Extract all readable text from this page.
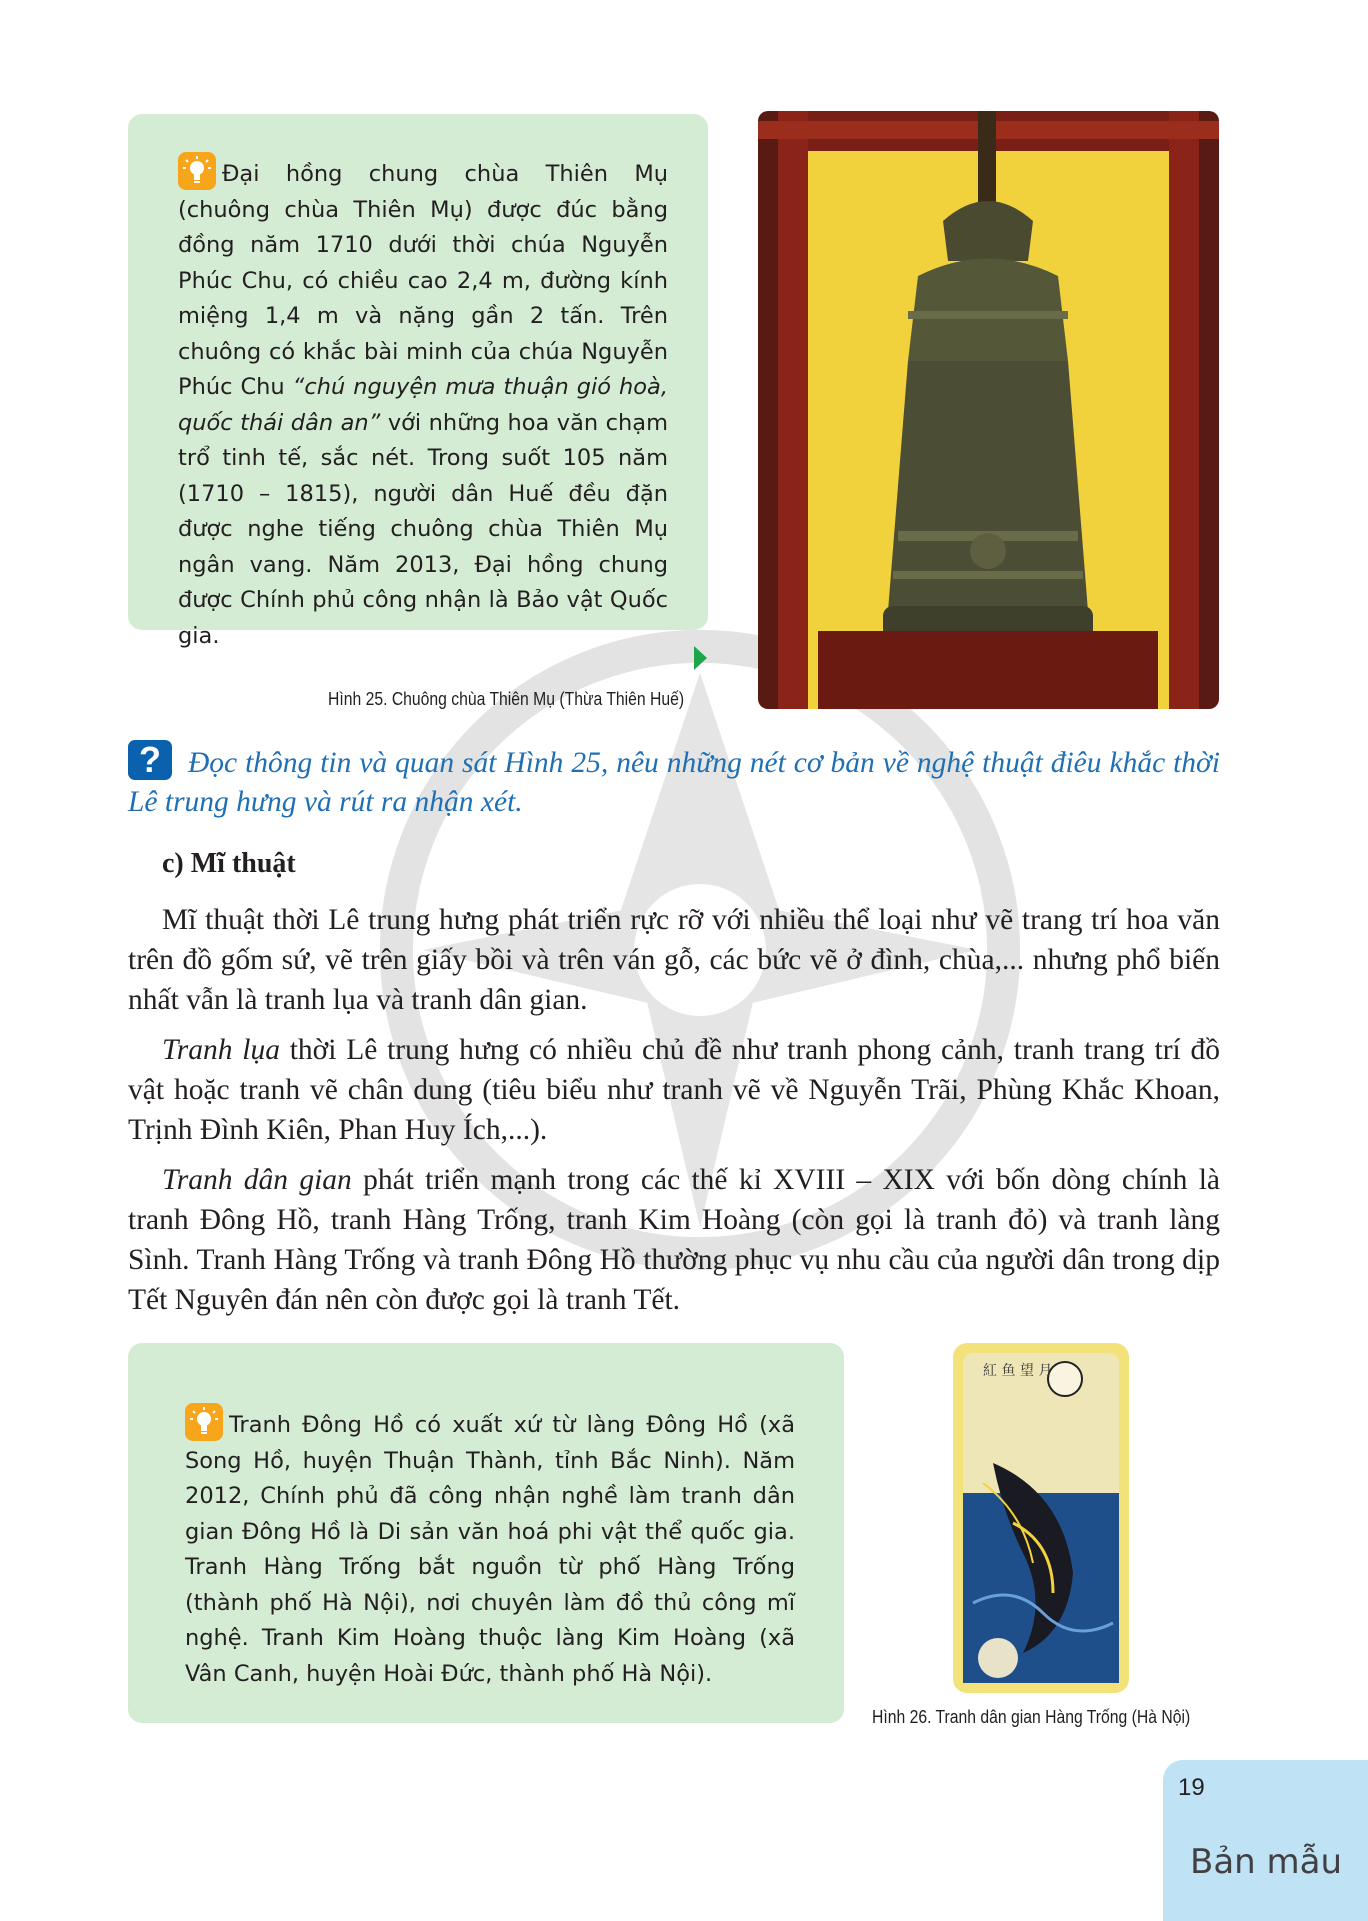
Đại hồng chung chùa Thiên Mụ (chuông chùa Thiên Mụ) được đúc bằng đồng năm 1710 dưới thời chúa Nguyễn Phúc Chu, có chiều cao 2,4 m, đường kính miệng 1,4 m và nặng gần 2 tấn. Trên chuông có khắc bài minh của chúa Nguyễn Phúc Chu “chú nguyện mưa thuận gió hoà, quốc thái dân an” với những hoa văn chạm trổ tinh tế, sắc nét. Trong suốt 105 năm (1710 – 1815), người dân Huế đều đặn được nghe tiếng chuông chùa Thiên Mụ ngân vang. Năm 2013, Đại hồng chung được Chính phủ công nhận là Bảo vật Quốc gia.
Hình 25. Chuông chùa Thiên Mụ (Thừa Thiên Huế)
? Đọc thông tin và quan sát Hình 25, nêu những nét cơ bản về nghệ thuật điêu khắc thời Lê trung hưng và rút ra nhận xét.
c) Mĩ thuật
Mĩ thuật thời Lê trung hưng phát triển rực rỡ với nhiều thể loại như vẽ trang trí hoa văn trên đồ gốm sứ, vẽ trên giấy bồi và trên ván gỗ, các bức vẽ ở đình, chùa,... nhưng phổ biến nhất vẫn là tranh lụa và tranh dân gian.
Tranh lụa thời Lê trung hưng có nhiều chủ đề như tranh phong cảnh, tranh trang trí đồ vật hoặc tranh vẽ chân dung (tiêu biểu như tranh vẽ về Nguyễn Trãi, Phùng Khắc Khoan, Trịnh Đình Kiên, Phan Huy Ích,...).
Tranh dân gian phát triển mạnh trong các thế kỉ XVIII – XIX với bốn dòng chính là tranh Đông Hồ, tranh Hàng Trống, tranh Kim Hoàng (còn gọi là tranh đỏ) và tranh làng Sình. Tranh Hàng Trống và tranh Đông Hồ thường phục vụ nhu cầu của người dân trong dịp Tết Nguyên đán nên còn được gọi là tranh Tết.
Tranh Đông Hồ có xuất xứ từ làng Đông Hồ (xã Song Hồ, huyện Thuận Thành, tỉnh Bắc Ninh). Năm 2012, Chính phủ đã công nhận nghề làm tranh dân gian Đông Hồ là Di sản văn hoá phi vật thể quốc gia. Tranh Hàng Trống bắt nguồn từ phố Hàng Trống (thành phố Hà Nội), nơi chuyên làm đồ thủ công mĩ nghệ. Tranh Kim Hoàng thuộc làng Kim Hoàng (xã Vân Canh, huyện Hoài Đức, thành phố Hà Nội).
紅 鱼 望 月
Hình 26. Tranh dân gian Hàng Trống (Hà Nội)
19
Bản mẫu
